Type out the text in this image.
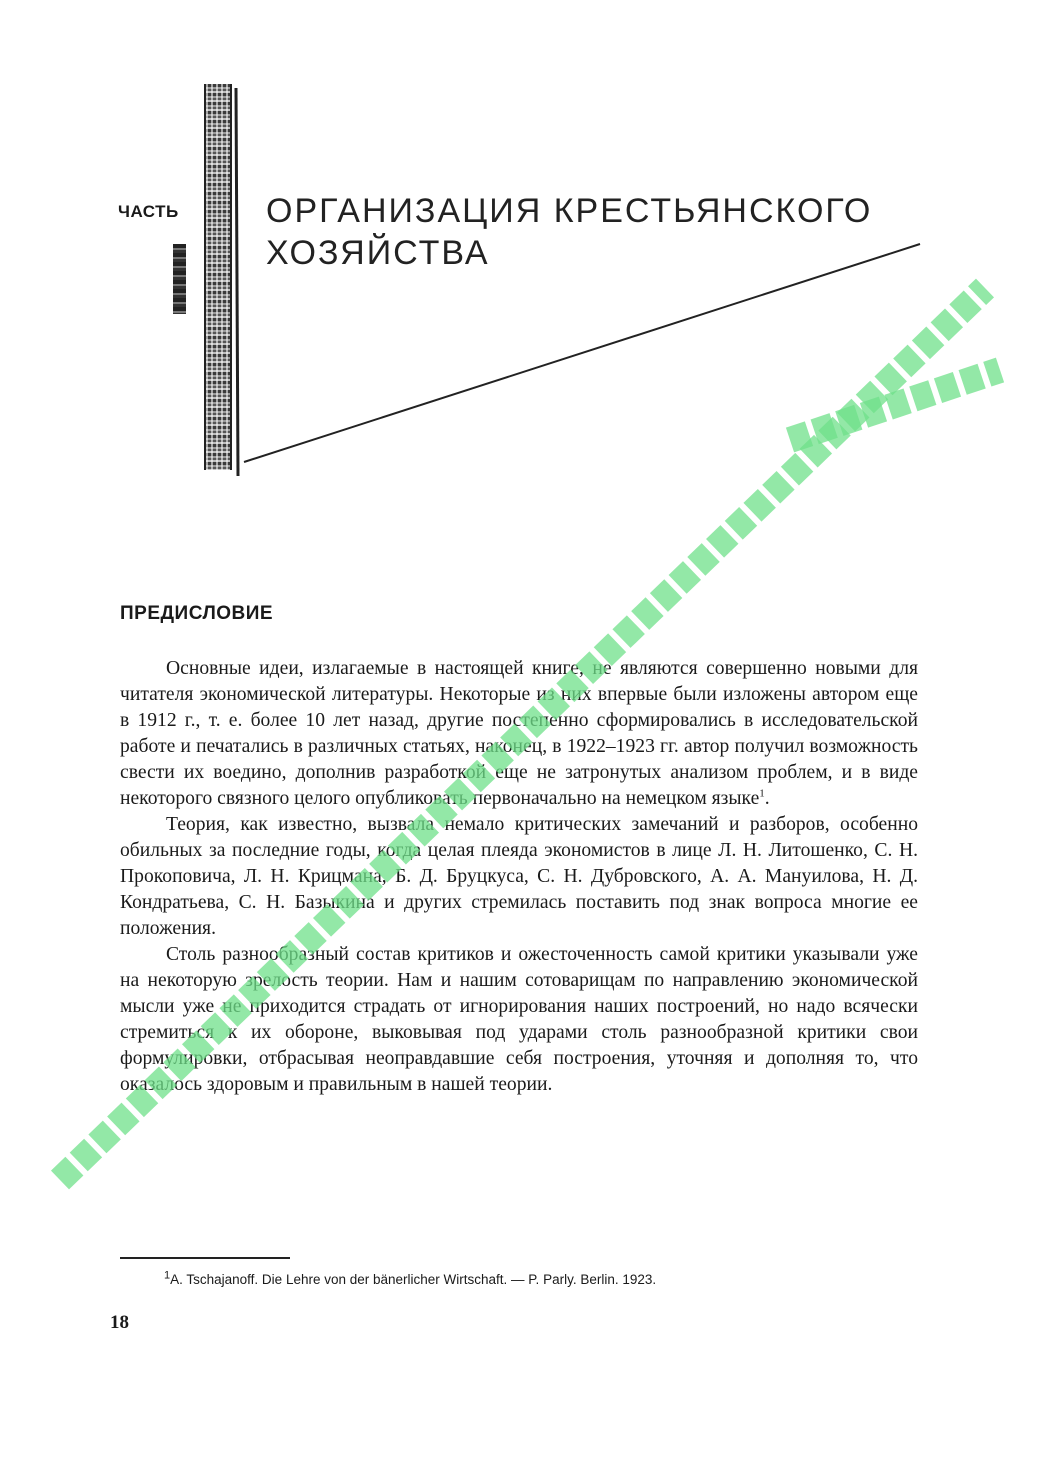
ЧАСТЬ	ОРГАНИЗАЦИЯ КРЕСТЬЯНСКОГО
ХОЗЯЙСТВА
ПРЕДИСЛОВИЕ

Основные идеи, излагаемые в настоящей книге, не являются совершенно новыми для читателя экономической литературы. Некоторые из них впервые были изложены автором еще в 1912 г., т. е. более 10 лет назад, другие постепенно сформировались в исследовательской работе и печатались в различных статьях, наконец, в 1922–1923 гг. автор получил возможность свести их воедино, дополнив разработкой еще не затронутых анализом проблем, и в виде некоторого связного целого опубликовать первоначально на немецком языке$^1$.

Теория, как известно, вызвала немало критических замечаний и разборов, особенно обильных за последние годы, когда целая плеяда экономистов в лице Л. Н. Литошенко, С. Н. Прокоповича, Л. Н. Крицмана, Б. Д. Бруцкуса, С. Н. Дубровского, А. А. Мануилова, Н. Д. Кондратьева, С. Н. Базыкина и других стремилась поставить под знак вопроса многие ее положения.

Столь разнообразный состав критиков и ожесточенность самой критики указывали уже на некоторую зрелость теории. Нам и нашим сотоварищам по направлению экономической мысли уже не приходится страдать от игнорирования наших построений, но надо всячески стремиться к их обороне, выковывая под ударами столь разнообразной критики свои формулировки, отбрасывая неоправдавшие себя построения, уточняя и дополняя то, что оказалось здоровым и правильным в нашей теории.

$^1$A. Tschajanoff. Die Lehre von der bänerlicher Wirtschaft. — P. Parly. Berlin. 1923.
18
